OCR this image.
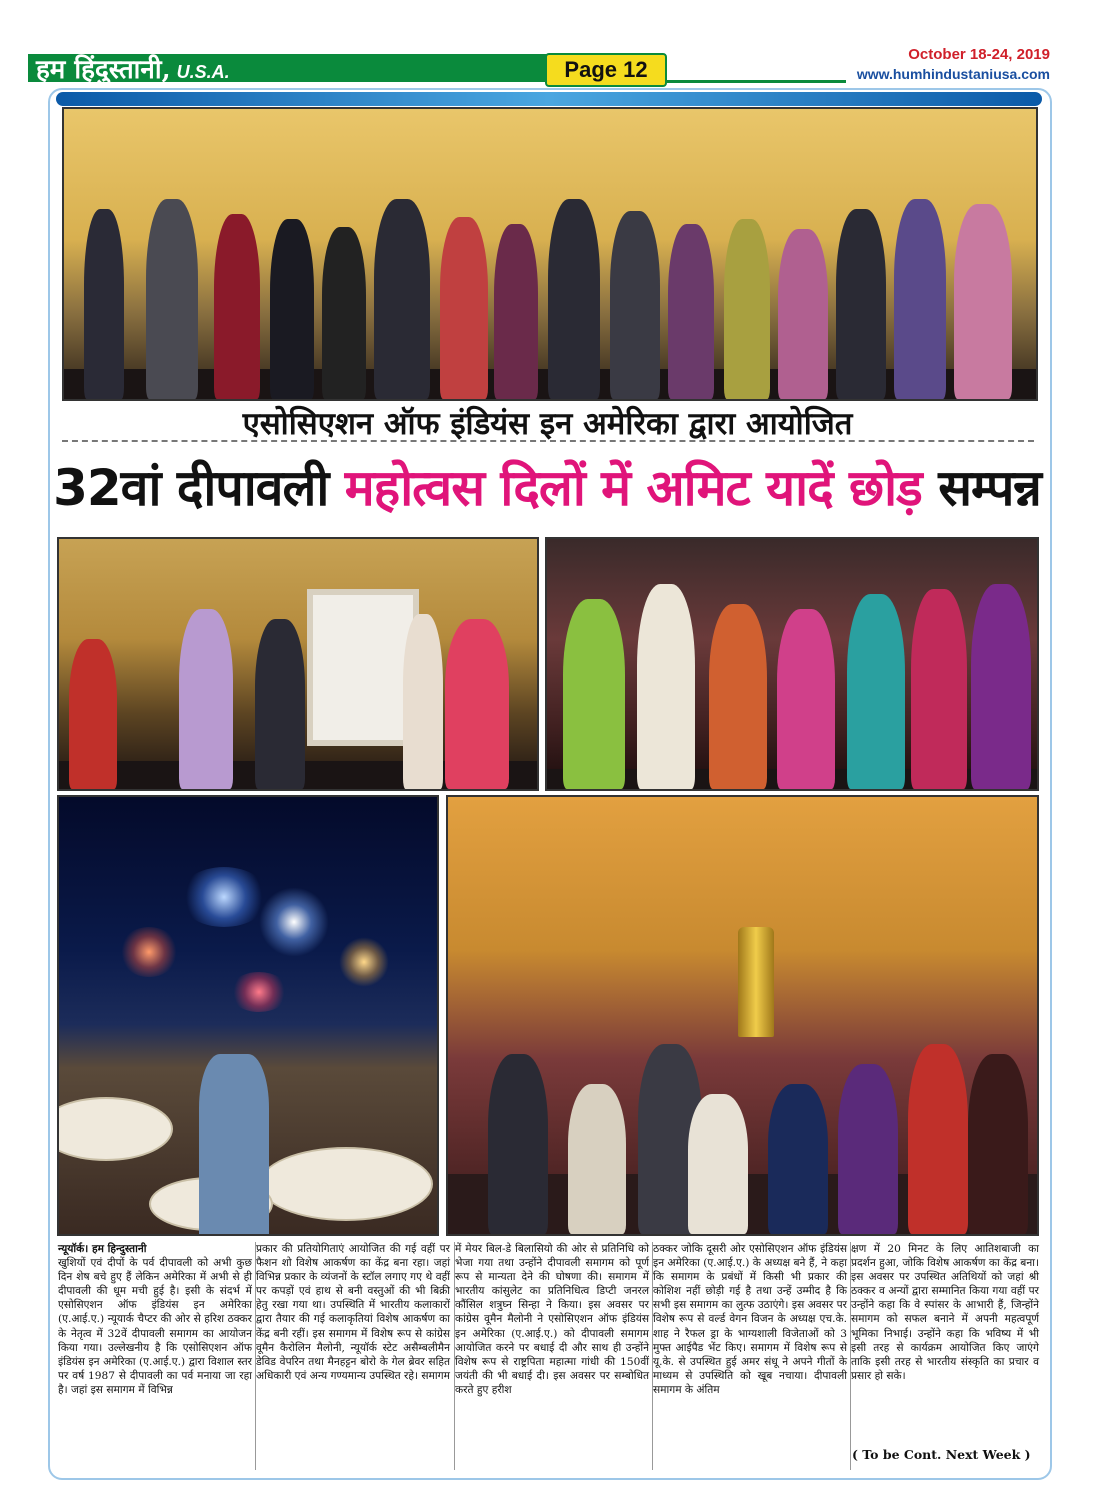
हम हिंदुस्तानी, U.S.A.	Page 12
October 18-24, 2019
www.humhindustaniusa.com
एसोसिएशन ऑफ इंडियंस इन अमेरिका द्वारा आयोजित
32वां दीपावली महोत्वस दिलों में अमिट यादें छोड़ सम्पन्न
न्यूयॉर्क। हम हिन्दुस्तानी
खुशियों एवं दीपों के पर्व दीपावली को अभी कुछ दिन शेष बचे हुए हैं लेकिन अमेरिका में अभी से ही दीपावली की धूम मची हुई है। इसी के संदर्भ में एसोसिएशन ऑफ इंडियंस इन अमेरिका (ए.आई.ए.) न्यूयार्क चैप्टर की ओर से हरिश ठक्कर के नेतृत्व में 32वें दीपावली समागम का आयोजन किया गया। उल्लेखनीय है कि एसोसिएशन ऑफ इंडियंस इन अमेरिका (ए.आई.ए.) द्वारा विशाल स्तर पर वर्ष 1987 से दीपावली का पर्व मनाया जा रहा है। जहां इस समागम में विभिन्न
प्रकार की प्रतियोगिताएं आयोजित की गई वहीं पर फैशन शो विशेष आकर्षण का केंद्र बना रहा। जहां विभिन्न प्रकार के व्यंजनों के स्टॉल लगाए गए थे वहीं पर कपड़ों एवं हाथ से बनी वस्तुओं की भी बिक्री हेतु रखा गया था। उपस्थिति में भारतीय कलाकारों द्वारा तैयार की गई कलाकृतियां विशेष आकर्षण का केंद्र बनी रहीं। इस समागम में विशेष रूप से कांग्रेस वूमैन कैरोलिन मैलोनी, न्यूयॉर्क स्टेट असैम्बलीमैन डेविड वेपरिन तथा मैनहट्टन बोरो के गेल ब्रेवर सहित अधिकारी एवं अन्य गण्यमान्य उपस्थित रहे। समागम
में मेयर बिल-डे बिलासियो की ओर से प्रतिनिधि को भेजा गया तथा उन्होंने दीपावली समागम को पूर्ण रूप से मान्यता देने की घोषणा की। समागम में भारतीय कांसुलेट का प्रतिनिधित्व डिप्टी जनरल कौंसिल शत्रुघ्न सिन्हा ने किया। इस अवसर पर कांग्रेस वूमैन मैलोनी ने एसोसिएशन ऑफ इंडियंस इन अमेरिका (ए.आई.ए.) को दीपावली समागम आयोजित करने पर बधाई दी और साथ ही उन्होंने विशेष रूप से राष्ट्रपिता महात्मा गांधी की 150वीं जयंती की भी बधाई दी। इस अवसर पर सम्बोधित करते हुए हरीश
ठक्कर जोकि दूसरी ओर एसोसिएशन ऑफ इंडियंस इन अमेरिका (ए.आई.ए.) के अध्यक्ष बने हैं, ने कहा कि समागम के प्रबंधों में किसी भी प्रकार की कोशिश नहीं छोड़ी गई है तथा उन्हें उम्मीद है कि सभी इस समागम का लुत्फ उठाएंगे। इस अवसर पर विशेष रूप से वर्ल्ड वेगन विजन के अध्यक्ष एच.के. शाह ने रैफल ड्रा के भाग्यशाली विजेताओं को 3 मुफ्त आईपैड भेंट किए। समागम में विशेष रूप से यू.के. से उपस्थित हुई अमर संधू ने अपने गीतों के माध्यम से उपस्थिति को खूब नचाया। दीपावली समागम के अंतिम
क्षण में 20 मिनट के लिए आतिशबाजी का प्रदर्शन हुआ, जोकि विशेष आकर्षण का केंद्र बना। इस अवसर पर उपस्थित अतिथियों को जहां श्री ठक्कर व अन्यों द्वारा सम्मानित किया गया वहीं पर उन्होंने कहा कि वे स्पांसर के आभारी हैं, जिन्होंने समागम को सफल बनाने में अपनी महत्वपूर्ण भूमिका निभाई। उन्होंने कहा कि भविष्य में भी इसी तरह से कार्यक्रम आयोजित किए जाएंगे ताकि इसी तरह से भारतीय संस्कृति का प्रचार व प्रसार हो सके।
( To be Cont. Next Week )
